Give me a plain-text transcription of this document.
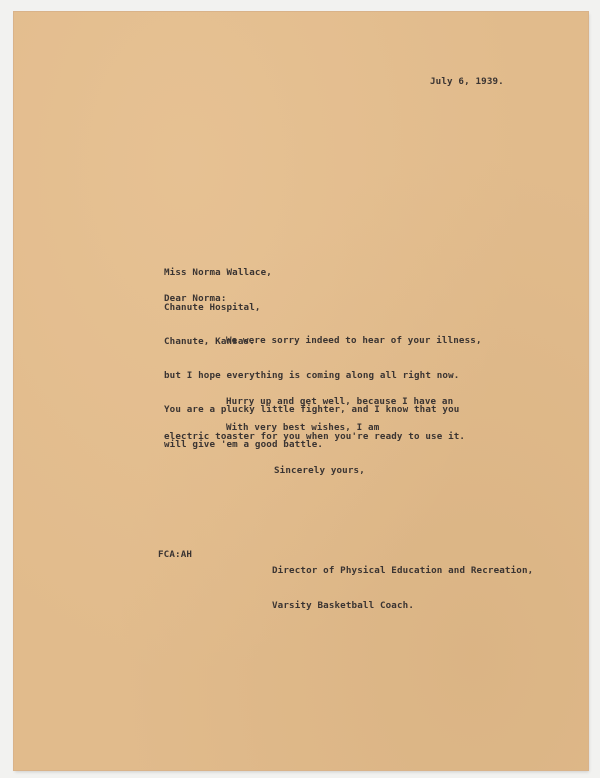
July 6, 1939.

Miss Norma Wallace,

Chanute Hospital,

Chanute, Kansas.

Dear Norma:

We were sorry indeed to hear of your illness,

but I hope everything is coming along all right now.

You are a plucky little fighter, and I know that you

will give 'em a good battle.

Hurry up and get well, because I have an

electric toaster for you when you're ready to use it.

With very best wishes, I am

Sincerely yours,
FCA:AH

Director of Physical Education and Recreation,

Varsity Basketball Coach.
